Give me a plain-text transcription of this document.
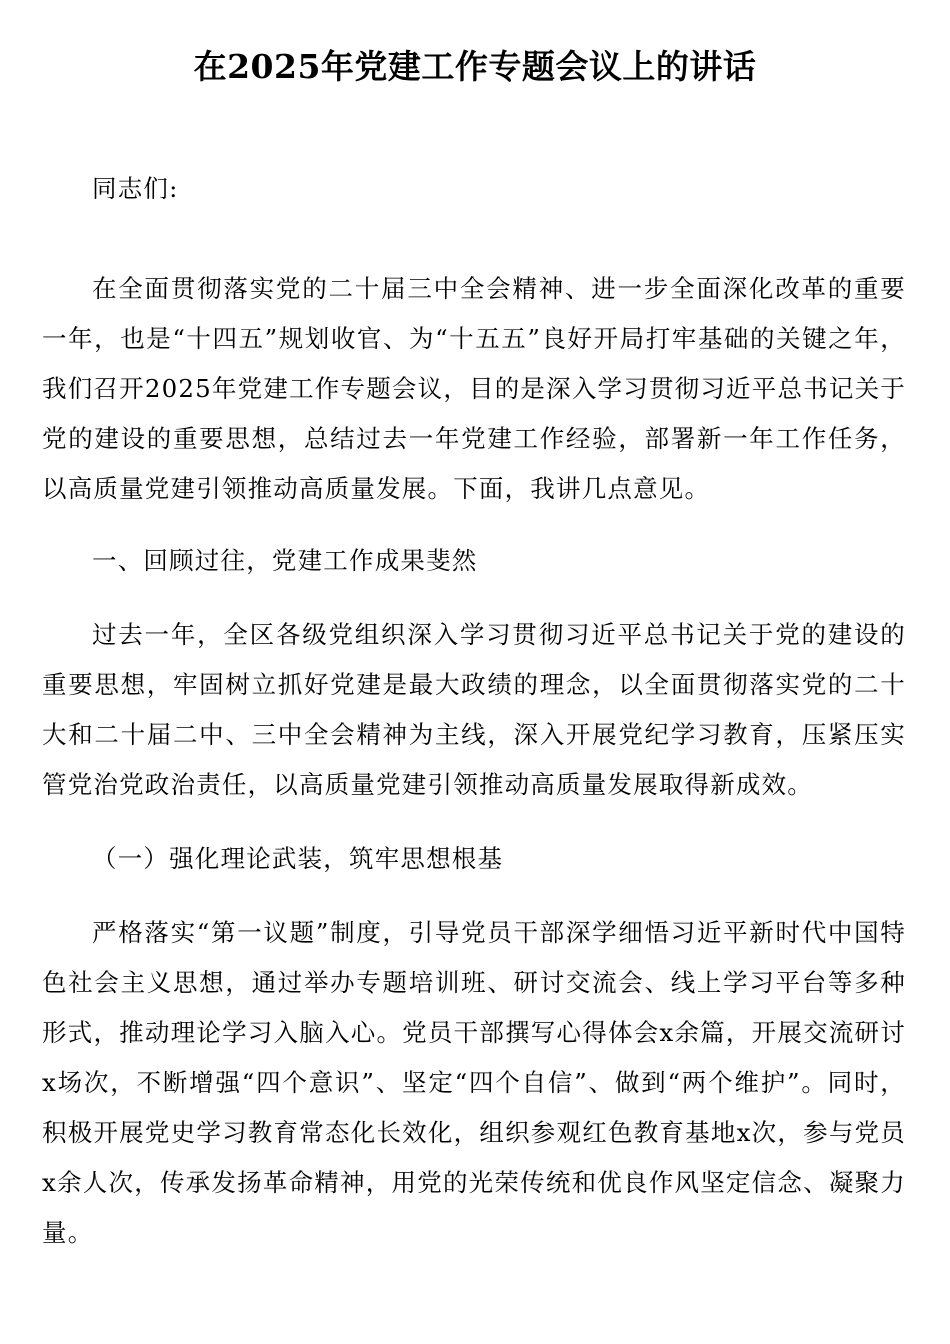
在2025年党建工作专题会议上的讲话

同志们:

在全面贯彻落实党的二十届三中全会精神、进一步全面深化改革的重要一年，也是“十四五”规划收官、为“十五五”良好开局打牢基础的关键之年，我们召开2025年党建工作专题会议，目的是深入学习贯彻习近平总书记关于党的建设的重要思想，总结过去一年党建工作经验，部署新一年工作任务，以高质量党建引领推动高质量发展。下面，我讲几点意见。

一、回顾过往，党建工作成果斐然

过去一年，全区各级党组织深入学习贯彻习近平总书记关于党的建设的重要思想，牢固树立抓好党建是最大政绩的理念，以全面贯彻落实党的二十大和二十届二中、三中全会精神为主线，深入开展党纪学习教育，压紧压实管党治党政治责任，以高质量党建引领推动高质量发展取得新成效。

（一）强化理论武装，筑牢思想根基

严格落实“第一议题”制度，引导党员干部深学细悟习近平新时代中国特色社会主义思想，通过举办专题培训班、研讨交流会、线上学习平台等多种形式，推动理论学习入脑入心。党员干部撰写心得体会x余篇，开展交流研讨x场次，不断增强“四个意识”、坚定“四个自信”、做到“两个维护”。同时，积极开展党史学习教育常态化长效化，组织参观红色教育基地x次，参与党员x余人次，传承发扬革命精神，用党的光荣传统和优良作风坚定信念、凝聚力量。
